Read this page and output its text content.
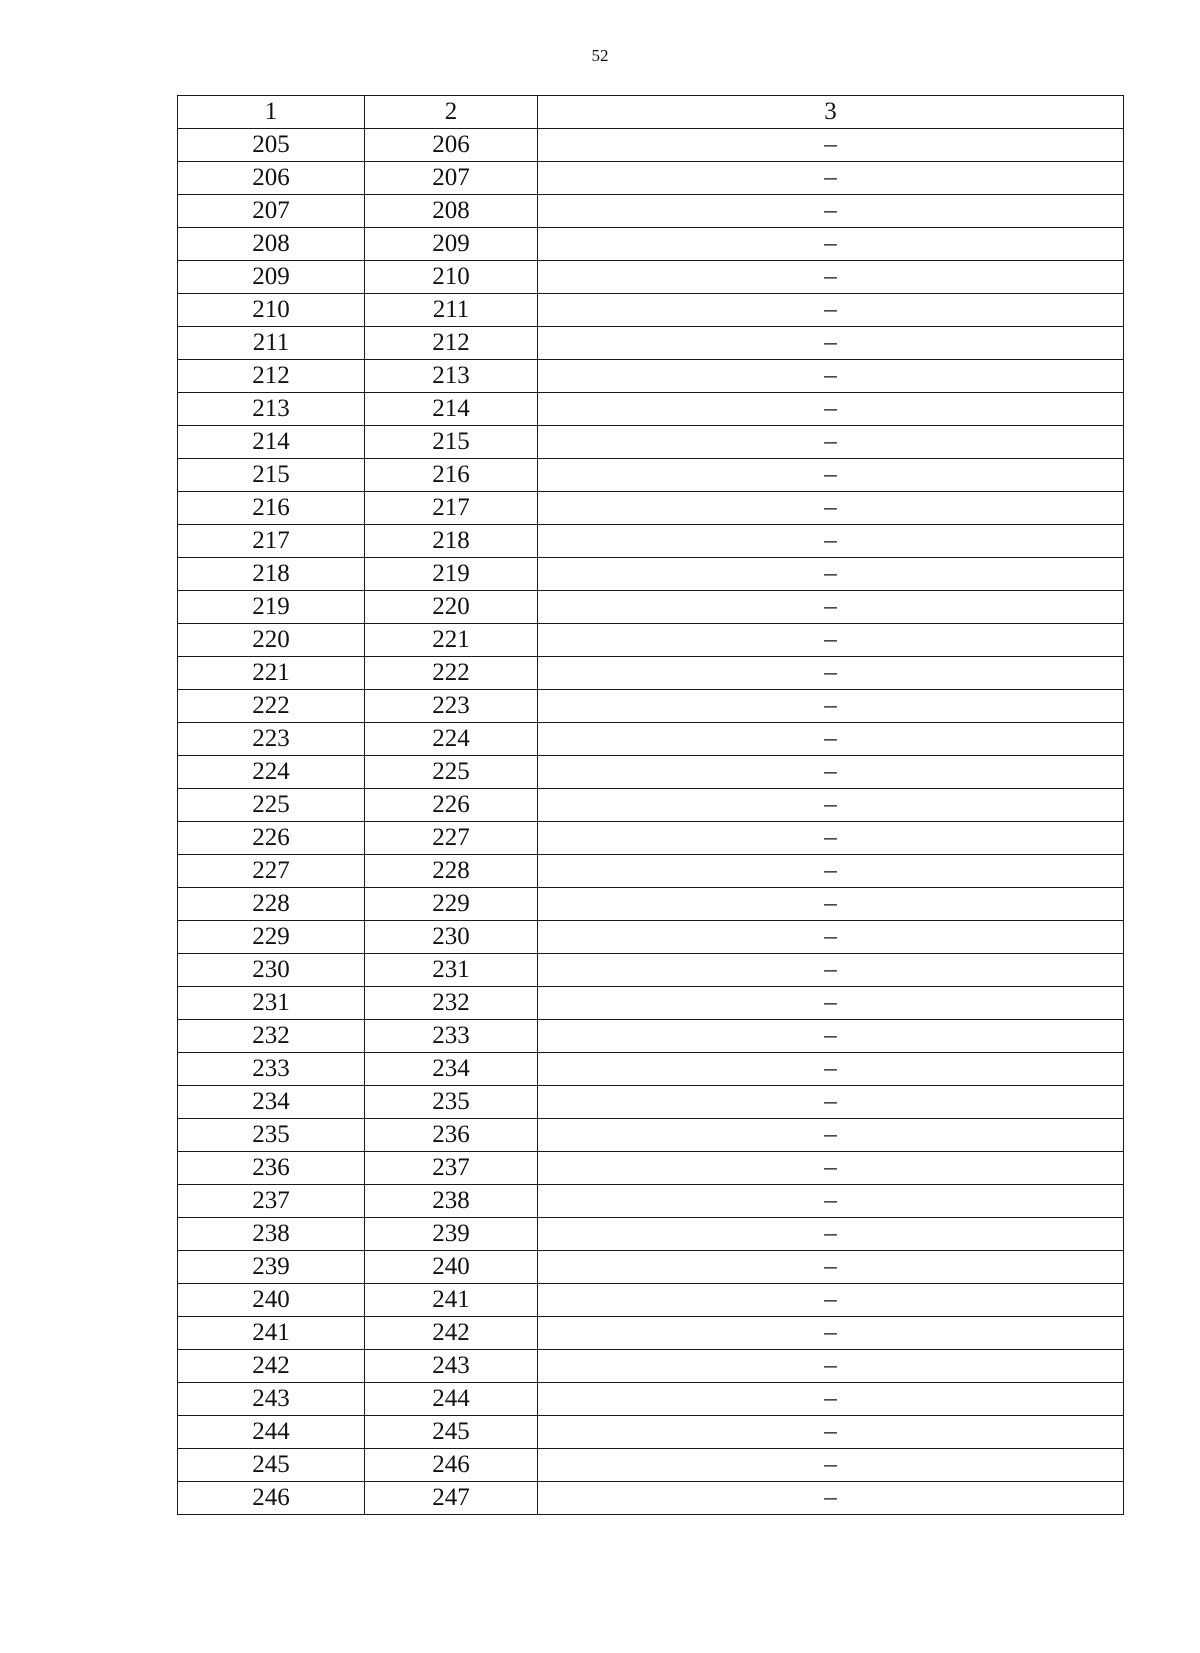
52
1	2	3
205	206	–
206	207	–
207	208	–
208	209	–
209	210	–
210	211	–
211	212	–
212	213	–
213	214	–
214	215	–
215	216	–
216	217	–
217	218	–
218	219	–
219	220	–
220	221	–
221	222	–
222	223	–
223	224	–
224	225	–
225	226	–
226	227	–
227	228	–
228	229	–
229	230	–
230	231	–
231	232	–
232	233	–
233	234	–
234	235	–
235	236	–
236	237	–
237	238	–
238	239	–
239	240	–
240	241	–
241	242	–
242	243	–
243	244	–
244	245	–
245	246	–
246	247	–
